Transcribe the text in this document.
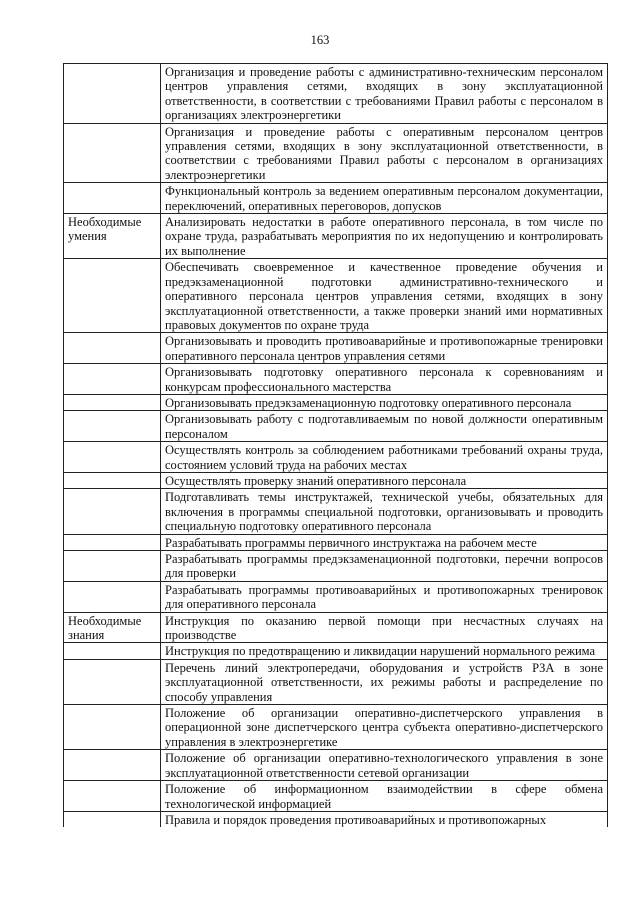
163
	Организация и проведение работы с административно-техническим персоналом центров управления сетями, входящих в зону эксплуатационной ответственности, в соответствии с требованиями Правил работы с персоналом в организациях электроэнергетики
	Организация и проведение работы с оперативным персоналом центров управления сетями, входящих в зону эксплуатационной ответственности, в соответствии с требованиями Правил работы с персоналом в организациях электроэнергетики
	Функциональный контроль за ведением оперативным персоналом документации, переключений, оперативных переговоров, допусков
Необходимые умения	Анализировать недостатки в работе оперативного персонала, в том числе по охране труда, разрабатывать мероприятия по их недопущению и контролировать их выполнение
	Обеспечивать своевременное и качественное проведение обучения и предэкзаменационной подготовки административно-технического и оперативного персонала центров управления сетями, входящих в зону эксплуатационной ответственности, а также проверки знаний ими нормативных правовых документов по охране труда
	Организовывать и проводить противоаварийные и противопожарные тренировки оперативного персонала центров управления сетями
	Организовывать подготовку оперативного персонала к соревнованиям и конкурсам профессионального мастерства
	Организовывать предэкзаменационную подготовку оперативного персонала
	Организовывать работу с подготавливаемым по новой должности оперативным персоналом
	Осуществлять контроль за соблюдением работниками требований охраны труда, состоянием условий труда на рабочих местах
	Осуществлять проверку знаний оперативного персонала
	Подготавливать темы инструктажей, технической учебы, обязательных для включения в программы специальной подготовки, организовывать и проводить специальную подготовку оперативного персонала
	Разрабатывать программы первичного инструктажа на рабочем месте
	Разрабатывать программы предэкзаменационной подготовки, перечни вопросов для проверки
	Разрабатывать программы противоаварийных и противопожарных тренировок для оперативного персонала
Необходимые знания	Инструкция по оказанию первой помощи при несчастных случаях на производстве
	Инструкция по предотвращению и ликвидации нарушений нормального режима
	Перечень линий электропередачи, оборудования и устройств РЗА в зоне эксплуатационной ответственности, их режимы работы и распределение по способу управления
	Положение об организации оперативно-диспетчерского управления в операционной зоне диспетчерского центра субъекта оперативно-диспетчерского управления в электроэнергетике
	Положение об организации оперативно-технологического управления в зоне эксплуатационной ответственности сетевой организации
	Положение об информационном взаимодействии в сфере обмена технологической информацией
	Правила и порядок проведения противоаварийных и противопожарных
